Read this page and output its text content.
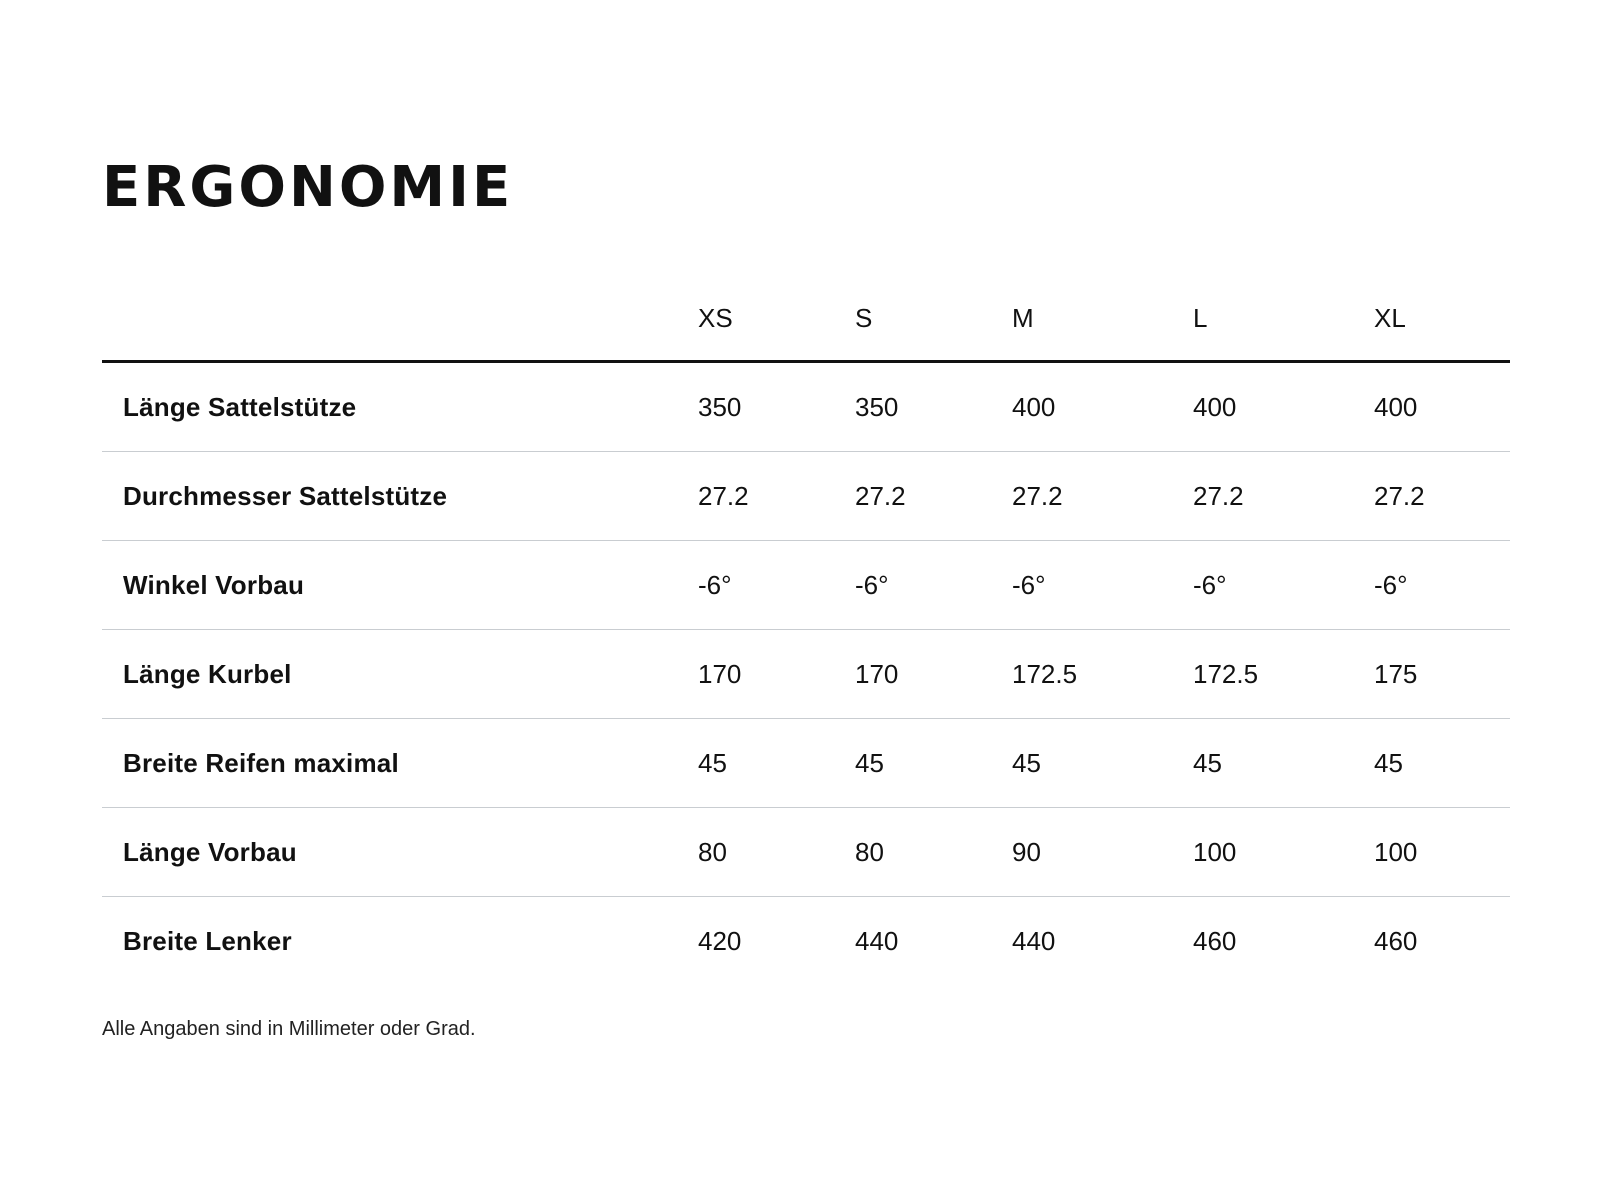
ERGONOMIE
	XS	S	M	L	XL
Länge Sattelstütze	350	350	400	400	400
Durchmesser Sattelstütze	27.2	27.2	27.2	27.2	27.2
Winkel Vorbau	-6°	-6°	-6°	-6°	-6°
Länge Kurbel	170	170	172.5	172.5	175
Breite Reifen maximal	45	45	45	45	45
Länge Vorbau	80	80	90	100	100
Breite Lenker	420	440	440	460	460

Alle Angaben sind in Millimeter oder Grad.
